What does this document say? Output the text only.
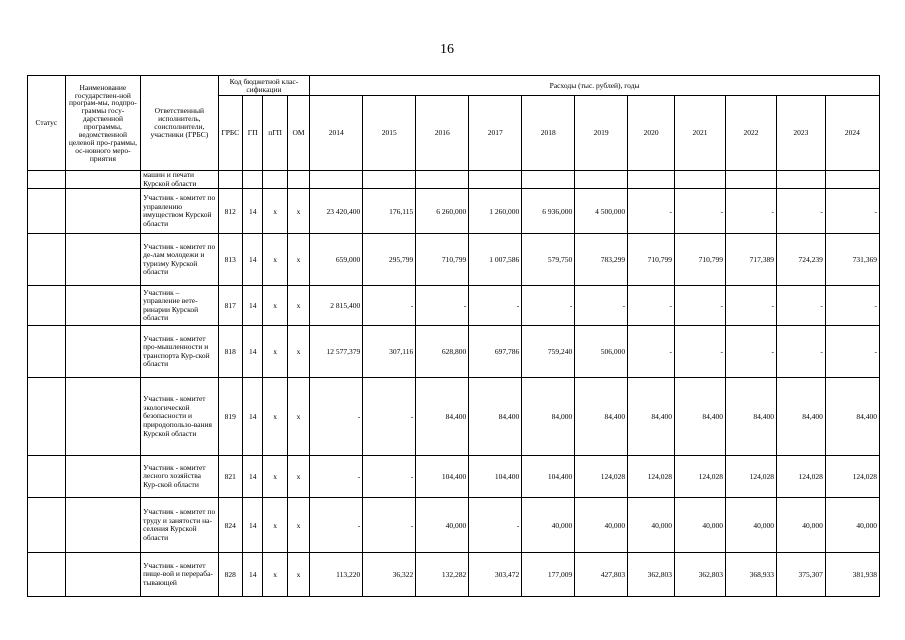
16
Статус	Наименование государствен-ной програм-мы, подпро-граммы госу-дарственной программы, ведомственной целевой про-граммы, ос-новного меро-приятия	Ответственный исполнитель, соисполнители, участники (ГРБС)	Код бюджетной клас-сификации				Расходы (тыс. рублей), годы										
			ГРБС	ГП	пГП	ОМ	2014	2015	2016	2017	2018	2019	2020	2021	2022	2023	2024
		машин и печати Курской области															
		Участник - комитет по управлению имуществом Курской области	812	14	х	х	23 420,400	176,115	6 260,000	1 260,000	6 936,000	4 500,000	-	-	-	-	-
		Участник - комитет по де-лам молодежи и туризму Курской области	813	14	х	х	659,000	295,799	710,799	1 007,586	579,750	783,299	710,799	710,799	717,389	724,239	731,369
		Участник – управление вете-ринарии Курской области	817	14	х	х	2 815,400	-	-	-	-	-	-	-	-	-	-
		Участник - комитет про-мышленности и транспорта Кур-ской области	818	14	х	х	12 577,379	307,116	628,800	697,786	759,240	506,000	-	-	-	-	-
		Участник - комитет экологической безопасности и природопользо-вания Курской области	819	14	х	х	-	-	84,400	84,400	84,000	84,400	84,400	84,400	84,400	84,400	84,400
		Участник - комитет лесного хозяйства Кур-ской области	821	14	х	х	-	-	104,400	104,400	104,400	124,028	124,028	124,028	124,028	124,028	124,028
		Участник - комитет по труду и занятости на-селения Курской области	824	14	х	х	-	-	40,000	-	40,000	40,000	40,000	40,000	40,000	40,000	40,000
		Участник - комитет пище-вой и перераба-тывающей	828	14	х	х	113,220	36,322	132,282	303,472	177,009	427,803	362,803	362,803	368,933	375,307	381,938
